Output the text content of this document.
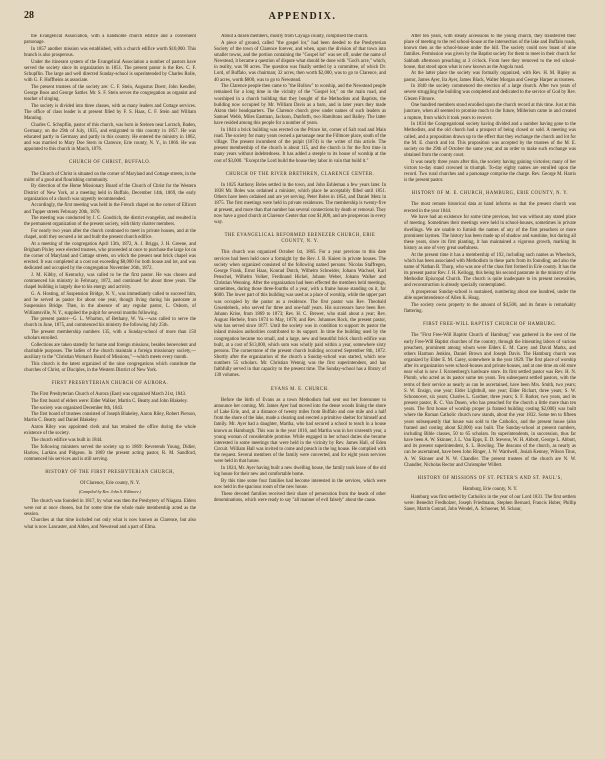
28	APPENDIX.

the Evangelical Association, with a handsome church edifice and a convenient parsonage.

In 1857 another mission was established, with a church edifice worth $10,000. This branch is also prosperous.

Under the itinerant system of the Evangelical Association a number of pastors have served the society since its organization in 1851. The present pastor is the Rev. C. F. Schupflin. The large and well directed Sunday-school is superintended by Charles Rolle, with G. F. Hoffheins as associate.

The present trustees of the society are: C. F. Stein, Augustus Doerr, John Kendler, George Boos and George Sattler. Mr. S. F. Stein serves the congregation as organist and teacher of singing.

The society is divided into three classes, with as many leaders and Cottage services. The office of class leader is at present filled by F. S. Haas, C. F. Stein and William Manning.

Charles C. Schupflin, pastor of this church, was born in Steinen near Lorrach, Baden, Germany, on the 29th of July, 1835, and emigrated to this country in 1857. He was educated partly in Germany and partly in this country. He entered the ministry in 1862, and was married to Mary Doe Stern in Clarence, Erie county, N. Y., in 1866. He was appointed to this church in March, 1876.

CHURCH OF CHRIST, BUFFALO.

The Church of Christ is situated on the corner of Maryland and Cottage streets, in the midst of a good and flourishing community.

By direction of the Home Missionary Board of the Church of Christ for the Western District of New York, at a meeting held in Buffalo, December 14th, 1869, the early organization of a church was urgently recommended.

Accordingly, the first meeting was held in the French chapel on the corner of Ellicott and Tupper streets February 20th, 1870.

The meeting was conducted by J. C. Goodrich, the district evangelist, and resulted in the permanent organization of the present society, with thirty charter members.

For nearly two years after the church continued to meet in private houses, and at the chapel, until they secured a lot and built the present church edifice.

At a meeting of the congregation April 13th, 1872, A. J. Briggs, J. H. Greene, and Brigham Pixley were elected trustees, who proceeded at once to purchase the large lot on the corner of Maryland and Cottage streets, on which the present neat brick chapel was erected. It was completed at a cost not exceeding $8,000 for both house and lot, and was dedicated and occupied by the congregation November 26th, 1872.

J. M. Kibby, of Kentucky, was called to be the first pastor. He was chosen and commenced his ministry in February, 1872, and continued for about three years. The chapel building is largely due to his energy and activity.

G. A. Hosting, of Suspension Bridge, N. Y., was immediately called to succeed him, and he served as pastor for about one year, though living during his pastorate at Suspension Bridge. Then, in the absence of any regular pastor, L. Osborn, of Williamsville, N. Y., supplied the pulpit for several months following.

The present pastor—G. L. Wharton, of Bethany, W. Va.—was called to serve the church in June, 1875, and commenced his ministry the following July 25th.

The present membership numbers 135, with a Sunday-school of more than 150 scholars enrolled.

Collections are taken statedly for home and foreign missions, besides benevolent and charitable purposes. The ladies of the church maintain a foreign missionary society,—auxiliary to the "Christian Woman's Board of Missions,"—which meets every month.

This church is the latest organized of the nine congregations which constitute the churches of Christ, or Disciples, in the Western District of New York.

FIRST PRESBYTERIAN CHURCH OF AURORA.

The First Presbyterian Church of Aurora (East) was organized March 21st, 1843.

The first board of elders were: Elder Walker, Martin C. Beatty and John Blakeley.

The society was organized December 8th, 1843.

The first board of trustees consisted of Joseph Blakeley, Aaron Riley, Robert Pierson, Martin C. Beatty and Daniel Blakeley.

Aaron Riley was appointed clerk and has retained the office during the whole existence of the society.

The church edifice was built in 1844.

The following ministers served the society up to 1869: Reverends Young, Didier, Harlow, Larkins and Pidgeon. In 1869 the present acting pastor, R. M. Sandford, commenced his services and is still serving.

HISTORY OF THE FIRST PRESBYTERIAN CHURCH,

Of Clarence, Erie county, N. Y.

(Compiled by Rev. John S. Killmore.)

The church was founded in 1817, by what was then the Presbytery of Niagara. Elders were not at once chosen, but for some time the whole male membership acted as the session.

Churches at that time included not only what is now known as Clarence, but also what is now Lancaster, and Alden, and Newstead and a part of Elma.

About a dozen members, mostly from Cayuga county, comprised the church.

A piece of ground, called "the gospel lot," had been deeded to the Presbyterian Society of the town of Clarence forever, and when, upon the division of that town into smaller towns, and the portion containing the "Gospel lot" was set off, under the name of Newstead, it became a question of dispute what should be done with "God's acre," which, in reality, was 90 acres. The question was finally settled by a committee, of which Dr. Lord, of Buffalo, was chairman; 32 acres, then worth $2,000, was to go to Clarence, and 40 acres, worth $800, was to go to Newstead.

The Clarence people then came to "the Hollow" to worship, and the Newstead people remained for a long time in the vicinity of the "Gospel lot," on the main road, and worshiped in a church building that they bought of the Methodists and Baptists, the building now occupied by Mr. William Davis as a barn, and in later years they made Akron their headquarters. The Clarence church grew under names of such leaders as Samuel Webb, Miles Eastman, Jackson, Danforth, two Hamiltons and Bailey. The latter have resided among this people for a number of years.

In 1844 a brick building was erected on the Prince lot, corner of Salt road and Main road. The society for many years owned a parsonage near the Fillmore place, south of the village. The present incumbent of the pulpit (1874) is the writer of this article. The present membership of the church is about 115, and the church is for the first time in many years without indebtedness. It has added a steeple to its house of worship at the cost of $3,000. "Except the Lord build the house they labor in vain that build it."

CHURCH OF THE RIVER BRETHREN, CLARENCE CENTER.

In 1825 Anthony Boles settled in the town, and John Eshleman a few years later. In 1838 Mr. Boles was ordained a minister, which place he acceptably filled until 1851. Others have been ordained and are yet serving. Peter Boles in 1854, and Daniel Metz in 1875. The first meetings were held in private residences. The membership is twenty-five at present, and more than that number has several connections by death or removal. They now have a good church at Clarence Center that cost $1,800, and are prosperous in every way.

THE EVANGELICAL REFORMED EBENEZER CHURCH, ERIE COUNTY, N. Y.

This church was organized October 1st, 1865. For a year previous to this date services had been held once a fortnight by the Rev. J. B. Kniest in private houses. The society when organized consisted of the following named persons: Nicolas Staffregen, George Frank, Ernst Haas, Konrad Dutch, Wilhelm Schneider, Johann Wachsel, Karl Penschel, Wilhelm Volker, Ferdinand Hickel, Johann Weber, Johann Walker and Christian Wenning. After the organization had been effected the members held meetings, sometimes, during those three-fourths of a year, with a frame house standing on it, for $600. The lower part of this building was used as a place of worship, while the upper part was occupied by the pastor as a residence. The first pastor was Rev. Theobald Gruenlebeck, who served for three and one-half years. His successors have been Rev. Johann Krise, from 1869 to 1873; Rev. H. C. Brewer, who staid about a year; Rev. August Herbele, from 1874 to May, 1876; and Rev. Johannes Rock, the present pastor, who has served since 1877. Until the society was in condition to support its pastor the inland mission authorities contributed to its support. In time the building used by the congregation became too small, and a large, new and beautiful brick church edifice was built, at a cost of $13,000, which sum was wholly paid within a year, somewhere sixty persons. The cornerstone of the present church building occurred September 8th, 1872. Shortly after the organization of the church a Sunday-school was started, which now numbers 55 scholars. Mr. Christian Wennig was the first superintendent, and has faithfully served in that capacity to the present time. The Sunday-school has a library of 130 volumes.

EVANS M. E. CHURCH.

Before the birth of Evans as a town Methodism had sent out her forerunner to announce her coming. Mr. James Ayer had moved into the dense woods lining the shore of Lake Erie, and, at a distance of twenty miles from Buffalo and one mile and a half from the shore of the lake, made a clearing and erected a primitive shelter for himself and family. Mr. Ayer had a daughter, Martha, who had secured a school to teach in a house known as Hamburgh. This was in the year 1816, and Martha was in her sixteenth year, a young woman of considerable promise. While engaged in her school duties she became interested in some meetings that were held in the vicinity by Rev. James Hall, of Eden Circuit. William Hall was invited to come and preach in the log house. He complied with the request. Several members of the family were converted, and for eight years services were held in that house.

In 1824, Mr. Ayer having built a new dwelling house, the family took leave of the old log house for their new and comfortable home.

By this time some four families had become interested in the services, which were now held in the spacious room of the new house.

These devoted families received their share of persecution from the heads of other denominations, which were ready to say "all manner of evil falsely" about the cause.

After ten years, with steady accessions to the young church, they transferred their place of meeting to the red school-house at the intersection of the lake and Buffalo roads, known then as the school-house under the hill. The society could now boast of nine families. Permission was given by the Baptist society for them to meet in their church for Sabbath afternoon preaching at 3 o'clock. From here they removed to the red school-house, that stood upon what is now known as the Angola road.

At the latter place the society was formally organized, with Rev. H. M. Ripley as pastor, James Ayer, Ira Ayer, James Black, Walter Morgan and George Harper as trustees.

In 1840 the society commenced the erection of a large church. After two years of severe struggling the building was completed and dedicated to the service of God by Rev. Glezen Filmore.

One hundred members stood enrolled upon the church record at this time. Just at this juncture, when all seemed to promise much to the future, Millerism came in and created a rupture, from which it took years to recover.

In 1834 the Congregational society having divided and a number having gone to the Methodists, and the old church had a prospect of being closed or sold. A meeting was called, and a proposition drawn up to the effect that they exchange the church and lot for the M. E. church and lot. This proposition was accepted by the trustees of the M. E. society on the 29th of October the same year, and an order to make such exchange was obtained from the county court.

It was nearly three years after this, the society having gaining victories; many of her victors to-day stand crowned in triumph. To-day eighty names are enrolled upon the record. Two rural churches and a parsonage comprise the charge. Rev. George M. Harris is the present pastor.

HISTORY OF M. E. CHURCH, HAMBURG, ERIE COUNTY, N. Y.

The most remote historical data at hand informs us that the present church was erected in the year 1844.

We have had an existence for some time previous, but was without any stated place of meeting. Sometimes their meetings were held in school-houses, sometimes in private dwellings. We are unable to furnish the names of any of the first preachers or more prominent laymen. The history has been made up of shadow and sunshine, but during all these years, since its first planting, it has maintained a vigorous growth, marking its history as one of very great usefulness.

At the present time it has a membership of 192, including such names as Wheelock, which has been associated with Methodism in these parts from its founding; and also the name of Nathan B. Thorp, who was one of the class first formed in Erie county. It has the its present pastor Rev. J. H. Kellogg, this being his second pastorate in the ministry of the Methodist Episcopal Church. The church is quite inadequate to its present necessities, and reconstruction is already specially contemplated.

A prosperous Sunday-school is sustained, numbering about one hundred, under the able superintendence of Allen K. Hoag.

The society owns property to the amount of $4,500, and its future is remarkably flattering.

FIRST FREE-WILL BAPTIST CHURCH OF HAMBURG.

The "First Free-Will Baptist Church of Hamburg" was gathered in the west of the early Free-Will Baptist churches of the country, through the itinerating labors of various preachers, prominent among whom were Elders E. M. Carey and David Marks, and others Harmon Jenkins, Daniel Brown and Joseph Davis. The Hamburg church was organized by Elder E. M. Carey, somewhere in the year 1829. The first place of worship after its organization were school-houses and private houses, and at one time an old store near what is now J. Kronenberg's hardware store. Its first settled pastor was Rev. H. N. Plumb, who acted as its pastor some ten years. Ten subsequent settled pastors, with the terms of their service as nearly as can be ascertained, have been Mrs. Smith, two years; S. W. Ensign, one year; Elder Lightbull, one year; Elder Richart, three years; S. W. Schoonover, six years; Charles L. Gardner, three years; S. F. Barker, two years, and its present pastor, R. C. Van Dusen, who has preached for the church a little more than ten years. The first house of worship proper (a framed building costing $2,000) was built where the Roman Catholic church now stands, about the year 1832. Some ten to fifteen years subsequently that house was sold to the Catholics, and the present house (also framed and costing about $2,000) was built. The Sunday-school at present numbers, including Bible classes, 50 to 65 scholars. Its superintendents, in succession, thus far have been A. W. Skinner, J. L. Van Epps, E. D. Stevens, W. H. Abbott, George L. Abbott, and its present superintendent, S. L. Bowling. The deacons of the church, as nearly as can be ascertained, have been John Ringer, J. W. Wardwell, Josiah Kenney, Wilson Titus, A. W. Skinner and N. W. Chandler. The present trustees of the church are N. W. Chandler, Nicholas Rector and Christopher Willert.

HISTORY OF MISSIONS OF ST. PETER'S AND ST. PAUL'S,

Hamburg, Erie county, N. Y.

Hamburg was first settled by Catholics in the year of our Lord 1831. The first settlers were: Benedict Fredholzer, Joseph Friedmann, Stephen Bernard, Francis Huber, Phillip Saner, Martin Conrad, John Wendel, A. Schoener, M. Schaur,
